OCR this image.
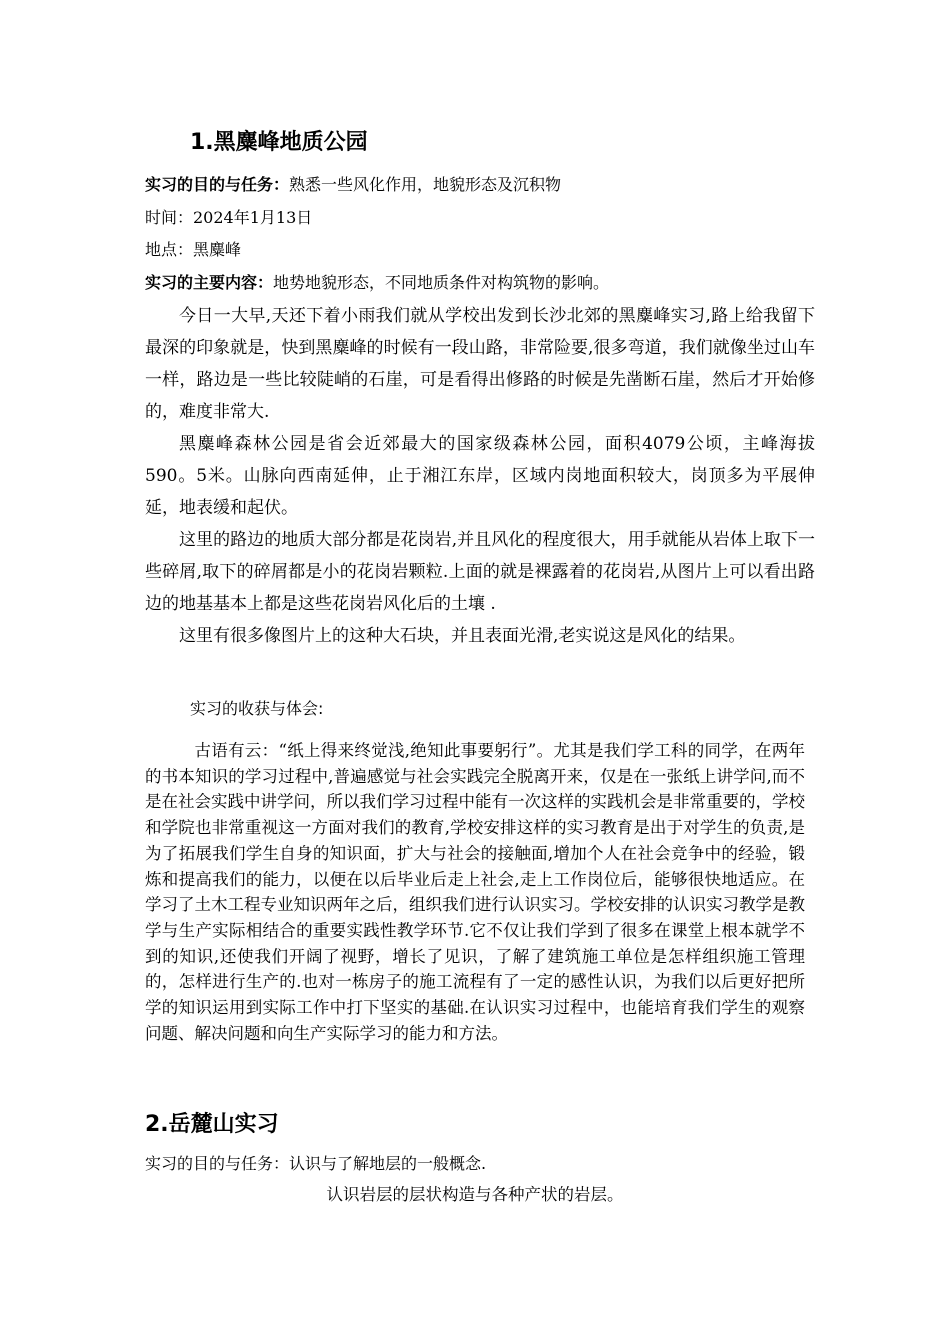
1.黑麋峰地质公园
实习的目的与任务：熟悉一些风化作用，地貌形态及沉积物
时间：2024年1月13日
地点：黑麋峰
实习的主要内容：地势地貌形态，不同地质条件对构筑物的影响。

今日一大早,天还下着小雨我们就从学校出发到长沙北郊的黑麋峰实习,路上给我留下最深的印象就是，快到黑麋峰的时候有一段山路，非常险要,很多弯道，我们就像坐过山车一样，路边是一些比较陡峭的石崖，可是看得出修路的时候是先凿断石崖，然后才开始修的，难度非常大.

黑麋峰森林公园是省会近郊最大的国家级森林公园，面积4079公顷，主峰海拔590。5米。山脉向西南延伸，止于湘江东岸，区域内岗地面积较大，岗顶多为平展伸延，地表缓和起伏。

这里的路边的地质大部分都是花岗岩,并且风化的程度很大，用手就能从岩体上取下一些碎屑,取下的碎屑都是小的花岗岩颗粒.上面的就是裸露着的花岗岩,从图片上可以看出路边的地基基本上都是这些花岗岩风化后的土壤 .

这里有很多像图片上的这种大石块，并且表面光滑,老实说这是风化的结果。

实习的收获与体会:

古语有云：“纸上得来终觉浅,绝知此事要躬行”。尤其是我们学工科的同学，在两年的书本知识的学习过程中,普遍感觉与社会实践完全脱离开来，仅是在一张纸上讲学问,而不是在社会实践中讲学问，所以我们学习过程中能有一次这样的实践机会是非常重要的，学校和学院也非常重视这一方面对我们的教育,学校安排这样的实习教育是出于对学生的负责,是为了拓展我们学生自身的知识面，扩大与社会的接触面,增加个人在社会竞争中的经验，锻炼和提高我们的能力，以便在以后毕业后走上社会,走上工作岗位后，能够很快地适应。在学习了土木工程专业知识两年之后，组织我们进行认识实习。学校安排的认识实习教学是教学与生产实际相结合的重要实践性教学环节.它不仅让我们学到了很多在课堂上根本就学不到的知识,还使我们开阔了视野，增长了见识，了解了建筑施工单位是怎样组织施工管理的，怎样进行生产的.也对一栋房子的施工流程有了一定的感性认识，为我们以后更好把所学的知识运用到实际工作中打下坚实的基础.在认识实习过程中，也能培育我们学生的观察问题、解决问题和向生产实际学习的能力和方法。

2.岳麓山实习
实习的目的与任务：认识与了解地层的一般概念.
认识岩层的层状构造与各种产状的岩层。
